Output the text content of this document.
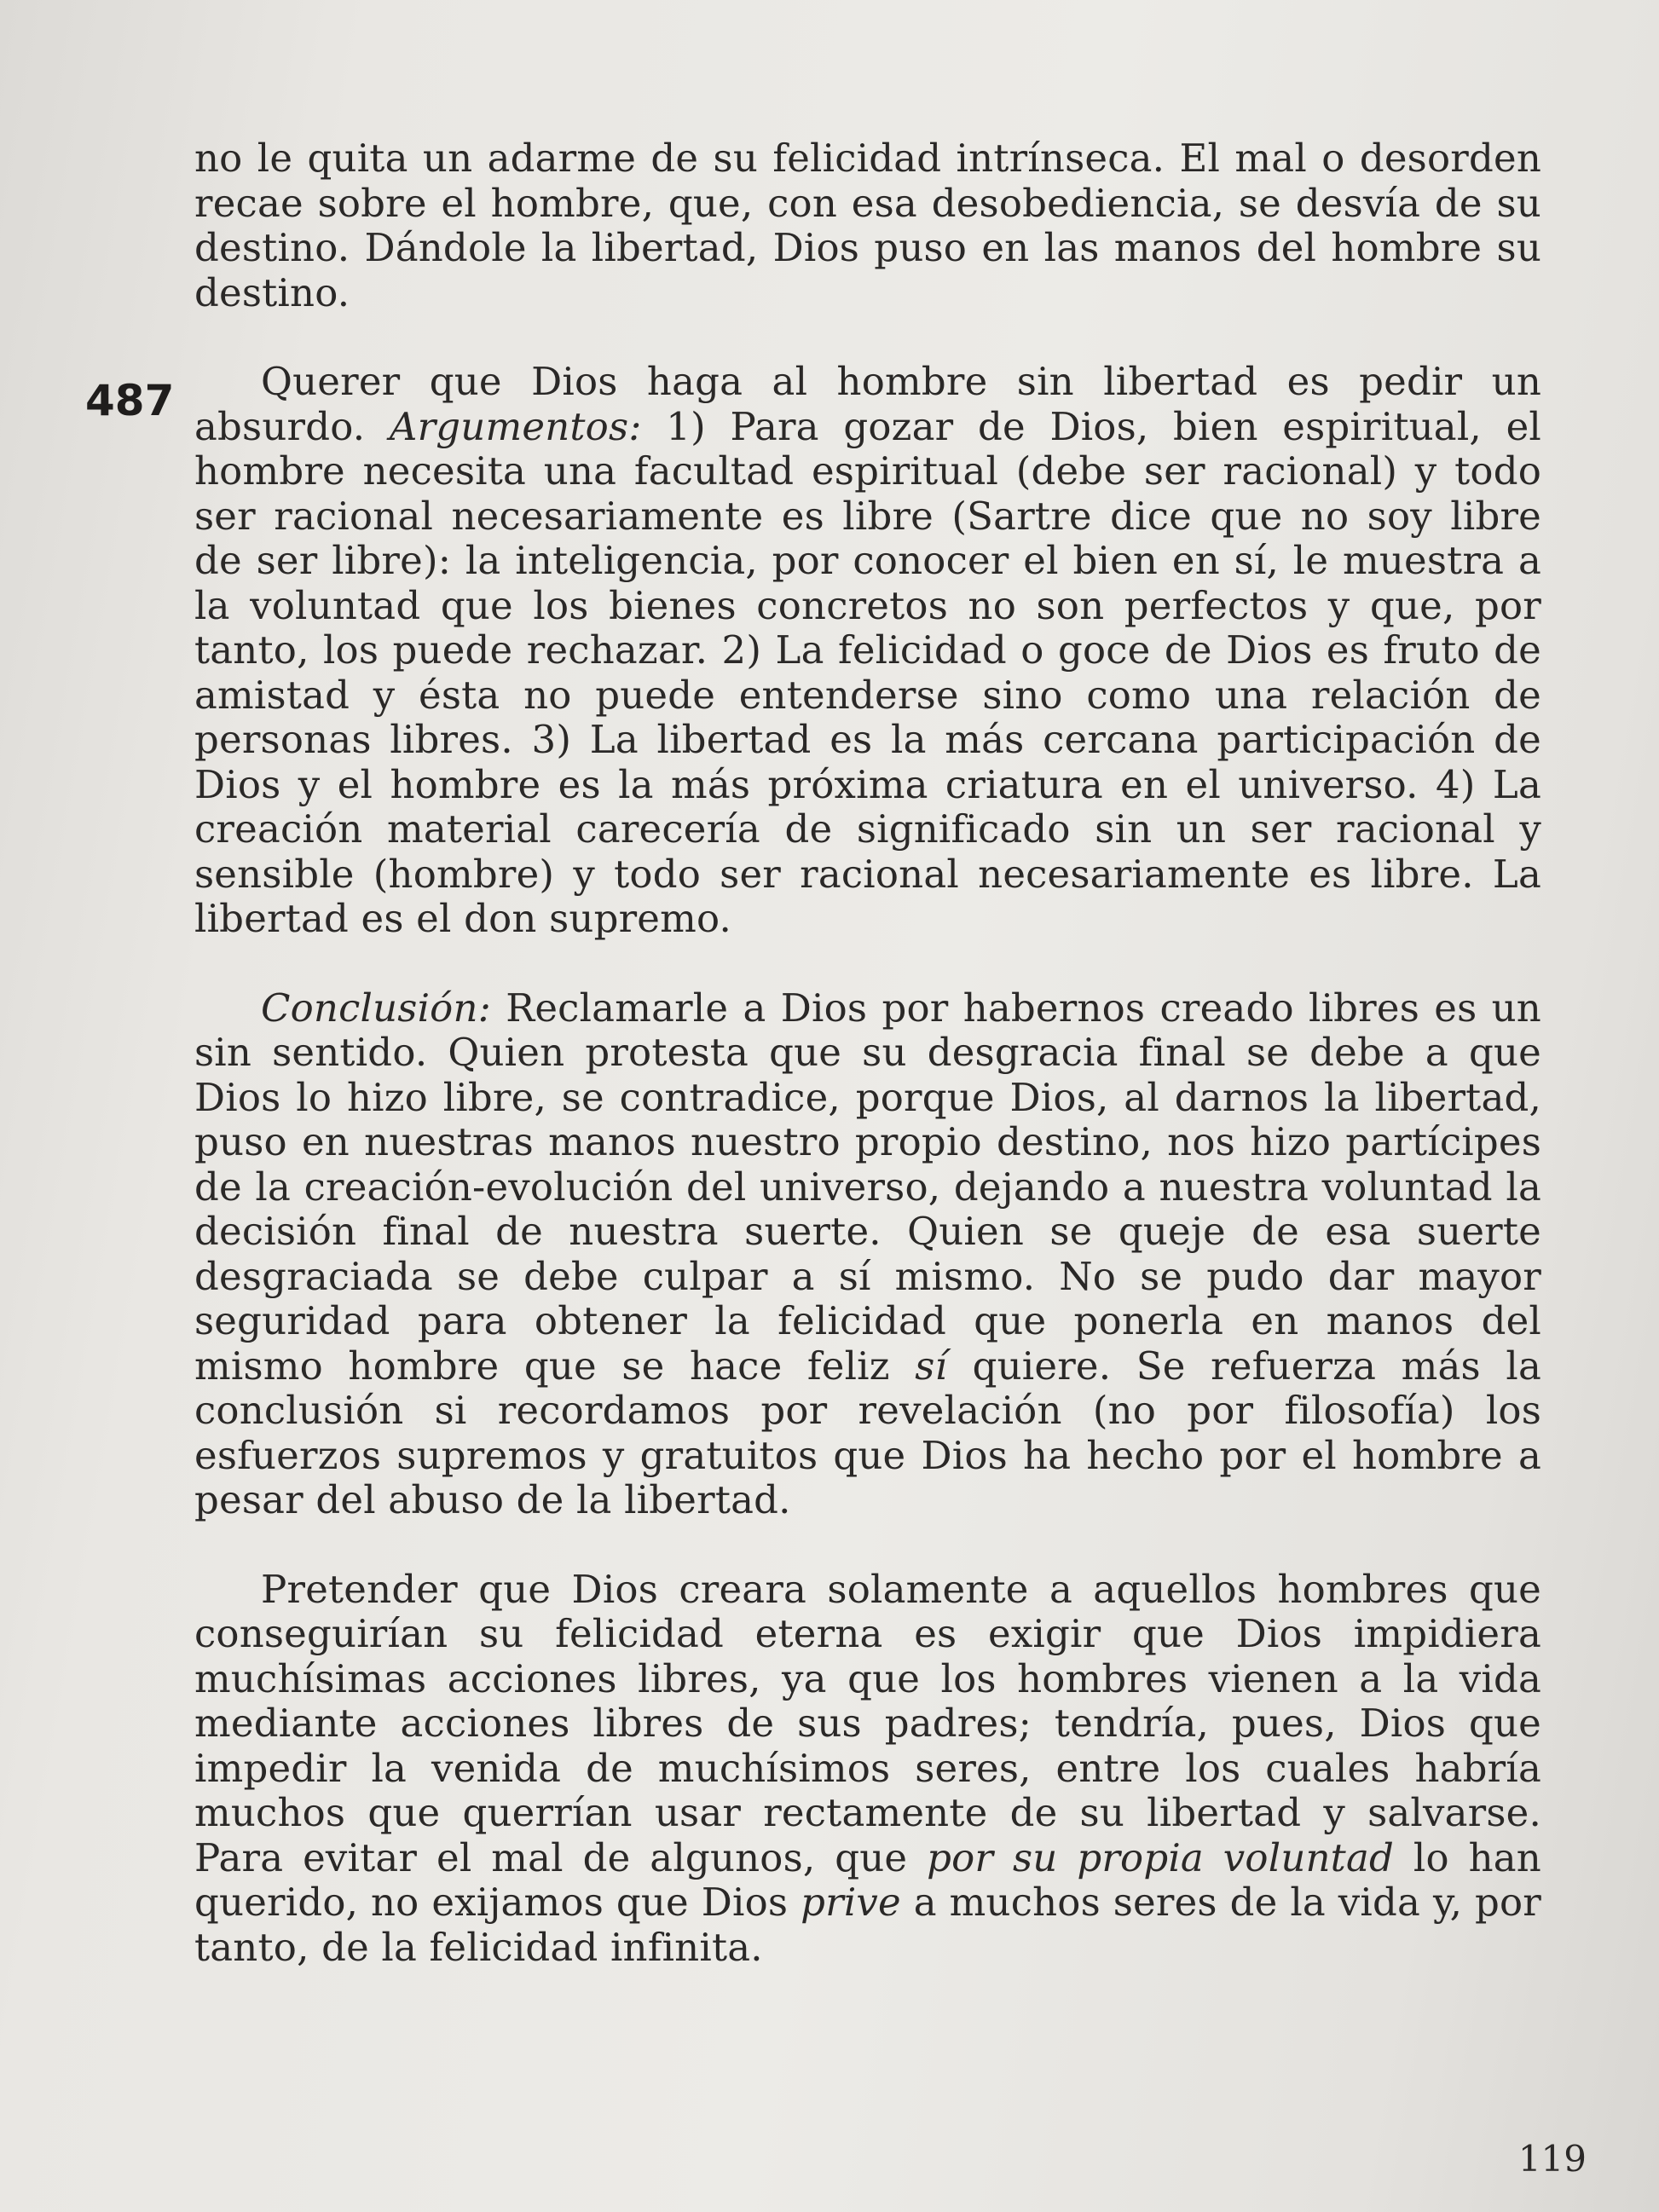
487

no le quita un adarme de su felicidad intrínseca. El mal o desorden recae sobre el hombre, que, con esa desobediencia, se desvía de su destino. Dándole la libertad, Dios puso en las manos del hombre su destino.

Querer que Dios haga al hombre sin libertad es pedir un absurdo. Argumentos: 1) Para gozar de Dios, bien espiritual, el hombre necesita una facultad espiritual (debe ser racional) y todo ser racional necesariamente es libre (Sartre dice que no soy libre de ser libre): la inteligencia, por conocer el bien en sí, le muestra a la voluntad que los bienes concretos no son perfectos y que, por tanto, los puede rechazar. 2) La felicidad o goce de Dios es fruto de amistad y ésta no puede entenderse sino como una relación de personas libres. 3) La libertad es la más cercana participación de Dios y el hombre es la más próxima criatura en el universo. 4) La creación material carecería de significado sin un ser racional y sensible (hombre) y todo ser racional necesariamente es libre. La libertad es el don supremo.

Conclusión: Reclamarle a Dios por habernos creado libres es un sin sentido. Quien protesta que su desgracia final se debe a que Dios lo hizo libre, se contradice, porque Dios, al darnos la libertad, puso en nuestras manos nuestro propio destino, nos hizo partícipes de la creación-evolución del universo, dejando a nuestra voluntad la decisión final de nuestra suerte. Quien se queje de esa suerte desgraciada se debe culpar a sí mismo. No se pudo dar mayor seguridad para obtener la felicidad que ponerla en manos del mismo hombre que se hace feliz sí quiere. Se refuerza más la conclusión si recordamos por revelación (no por filosofía) los esfuerzos supremos y gratuitos que Dios ha hecho por el hombre a pesar del abuso de la libertad.

Pretender que Dios creara solamente a aquellos hombres que conseguirían su felicidad eterna es exigir que Dios impidiera muchísimas acciones libres, ya que los hombres vienen a la vida mediante acciones libres de sus padres; tendría, pues, Dios que impedir la venida de muchísimos seres, entre los cuales habría muchos que querrían usar rectamente de su libertad y salvarse. Para evitar el mal de algunos, que por su propia voluntad lo han querido, no exijamos que Dios prive a muchos seres de la vida y, por tanto, de la felicidad infinita.

119
